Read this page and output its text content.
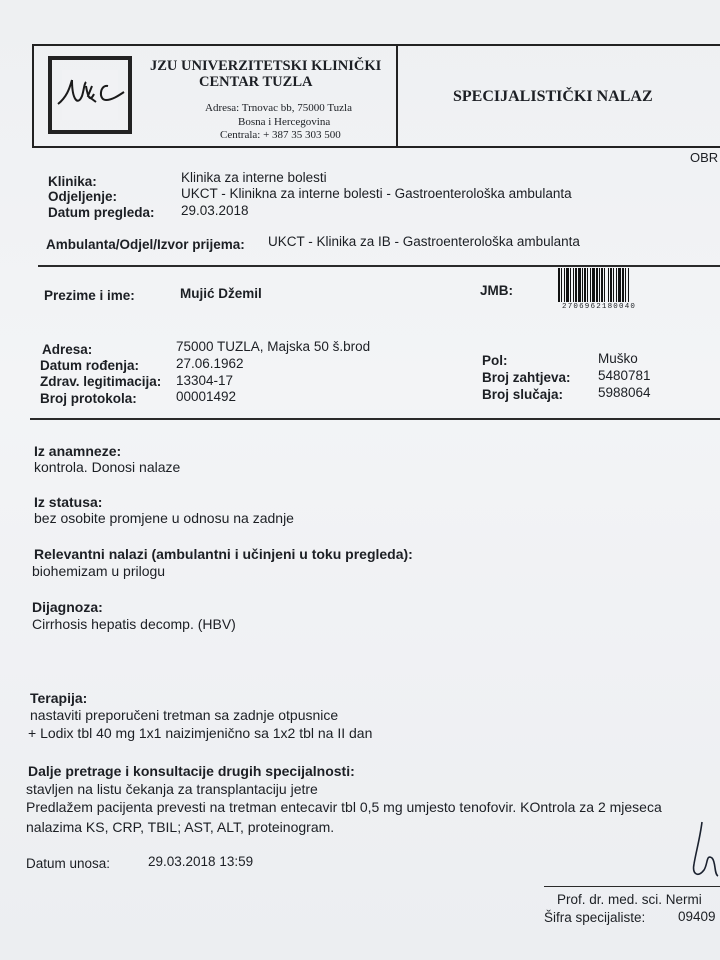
JZU UNIVERZITETSKI KLINIČKI
CENTAR TUZLA
Adresa: Trnovac bb, 75000 Tuzla
Bosna i Hercegovina
Centrala: + 387 35 303 500
SPECIJALISTIČKI NALAZ
OBR
Klinika:	Klinika za interne bolesti
Odjeljenje:	UKCT - Klinikna za interne bolesti - Gastroenterološka ambulanta
Datum pregleda: 29.03.2018
Ambulanta/Odjel/Izvor prijema: UKCT - Klinika za IB - Gastroenterološka ambulanta
Prezime i ime:	Mujić Džemil	JMB:
2706962180040
Adresa:	75000 TUZLA, Majska 50 š.brod
Datum rođenja:	27.06.1962
Zdrav. legitimacija: 13304-17
Broj protokola:	00001492
Pol:	Muško
Broj zahtjeva: 5480781
Broj slučaja:	5988064
Iz anamneze:
kontrola. Donosi nalaze
Iz statusa:
bez osobite promjene u odnosu na zadnje
Relevantni nalazi (ambulantni i učinjeni u toku pregleda):
biohemizam u prilogu
Dijagnoza:
Cirrhosis hepatis decomp. (HBV)
Terapija:
nastaviti preporučeni tretman sa zadnje otpusnice
+ Lodix tbl 40 mg 1x1 naizimjenično sa 1x2 tbl na II dan
Dalje pretrage i konsultacije drugih specijalnosti:
stavljen na listu čekanja za transplantaciju jetre
Predlažem pacijenta prevesti na tretman entecavir tbl 0,5 mg umjesto tenofovir. KOntrola za 2 mjeseca
nalazima KS, CRP, TBIL; AST, ALT, proteinogram.
Datum unosa:	29.03.2018 13:59
Prof. dr. med. sci. Nermi
Šifra specijaliste: 09409
